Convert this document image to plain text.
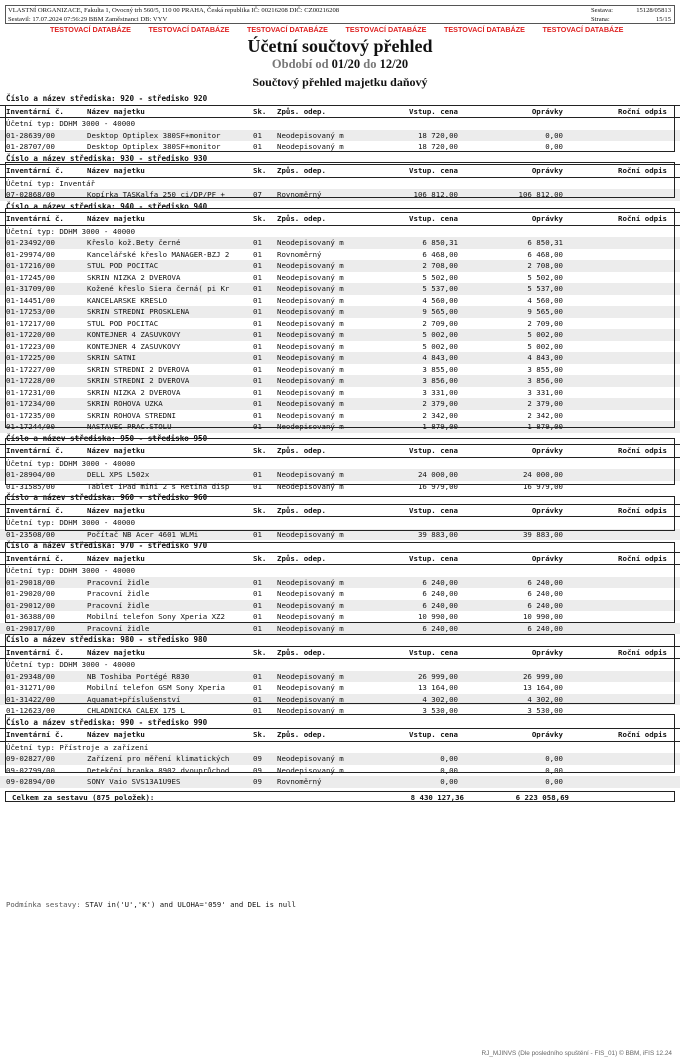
VLASTNÍ ORGANIZACE, Fakulta 1, Ovocný trh 560/5, 110 00 PRAHA, Česká republika IČ: 00216208 DIČ: CZ00216208
Sestavil: 17.07.2024 07:56:29 BBM Zaměstnanci DB: VYV
Sestava:
Strana:
15128/05813
15/15
TESTOVACÍ DATABÁZE TESTOVACÍ DATABÁZE TESTOVACÍ DATABÁZE TESTOVACÍ DATABÁZE TESTOVACÍ DATABÁZE TESTOVACÍ DATABÁZE
Účetní součtový přehled
Období od 01/20 do 12/20
Součtový přehled majetku daňový
Číslo a název střediska: 920 - středisko 920
Inventární č.	Název majetku	Sk.	Způs. odep.	Vstup. cena	Oprávky	Roční odpis
Účetní typ: DDHM 3000 - 40000
01-28639/00	Desktop Optiplex 380SF+monitor	01	Neodepisovaný m	18 720,00	0,00
01-28707/00	Desktop Optiplex 380SF+monitor	01	Neodepisovaný m	18 720,00	0,00
Číslo a název střediska: 930 - středisko 930
Inventární č.	Název majetku	Sk.	Způs. odep.	Vstup. cena	Oprávky	Roční odpis
Účetní typ: Inventář
07-02868/00	Kopírka TASKalfa 250 ci/DP/PF +	07	Rovnoměrný	106 812,00	106 812,00
Číslo a název střediska: 940 - středisko 940
Inventární č.	Název majetku	Sk.	Způs. odep.	Vstup. cena	Oprávky	Roční odpis
Účetní typ: DDHM 3000 - 40000
01-23492/00	Křeslo kož.Bety černé	01	Neodepisovaný m	6 850,31	6 850,31
01-29974/00	Kancelářské křeslo MANAGER-BZJ 2	01	Rovnoměrný	6 468,00	6 468,00
01-17216/00	STUL POD POCITAC	01	Neodepisovaný m	2 708,00	2 708,00
01-17245/00	SKRIN NIZKA 2 DVEROVA	01	Neodepisovaný m	5 502,00	5 502,00
01-31709/00	Kožené křeslo Siera černá( pi Kr	01	Neodepisovaný m	5 537,00	5 537,00
01-14451/00	KANCELARSKE KRESLO	01	Neodepisovaný m	4 560,00	4 560,00
01-17253/00	SKRIN STREDNI PROSKLENA	01	Neodepisovaný m	9 565,00	9 565,00
01-17217/00	STUL POD POCITAC	01	Neodepisovaný m	2 709,00	2 709,00
01-17220/00	KONTEJNER 4 ZASUVKOVY	01	Neodepisovaný m	5 002,00	5 002,00
01-17223/00	KONTEJNER 4 ZASUVKOVY	01	Neodepisovaný m	5 002,00	5 002,00
01-17225/00	SKRIN SATNI	01	Neodepisovaný m	4 843,00	4 843,00
01-17227/00	SKRIN STREDNI 2 DVEROVA	01	Neodepisovaný m	3 855,00	3 855,00
01-17228/00	SKRIN STREDNI 2 DVEROVA	01	Neodepisovaný m	3 856,00	3 856,00
01-17231/00	SKRIN NIZKA 2 DVEROVA	01	Neodepisovaný m	3 331,00	3 331,00
01-17234/00	SKRIN ROHOVA UZKA	01	Neodepisovaný m	2 379,00	2 379,00
01-17235/00	SKRIN ROHOVA STREDNI	01	Neodepisovaný m	2 342,00	2 342,00
01-17244/00	NASTAVEC PRAC.STOLU	01	Neodepisovaný m	1 879,00	1 879,00
Číslo a název střediska: 950 - středisko 950
Inventární č.	Název majetku	Sk.	Způs. odep.	Vstup. cena	Oprávky	Roční odpis
Účetní typ: DDHM 3000 - 40000
01-28904/00	DELL XPS L502x	01	Neodepisovaný m	24 000,00	24 000,00
01-31585/00	Tablet iPad mini 2 s Retina disp	01	Neodepisovaný m	16 979,00	16 979,00
Číslo a název střediska: 960 - středisko 960
Inventární č.	Název majetku	Sk.	Způs. odep.	Vstup. cena	Oprávky	Roční odpis
Účetní typ: DDHM 3000 - 40000
01-23508/00	Počítač NB Acer 4601 WLMi	01	Neodepisovaný m	39 883,00	39 883,00
Číslo a název střediska: 970 - středisko 970
Inventární č.	Název majetku	Sk.	Způs. odep.	Vstup. cena	Oprávky	Roční odpis
Účetní typ: DDHM 3000 - 40000
01-29018/00	Pracovní židle	01	Neodepisovaný m	6 240,00	6 240,00
01-29020/00	Pracovní židle	01	Neodepisovaný m	6 240,00	6 240,00
01-29012/00	Pracovní židle	01	Neodepisovaný m	6 240,00	6 240,00
01-36388/00	Mobilní telefon Sony Xperia XZ2	01	Neodepisovaný m	10 990,00	10 990,00
01-29017/00	Pracovní židle	01	Neodepisovaný m	6 240,00	6 240,00
Číslo a název střediska: 980 - středisko 980
Inventární č.	Název majetku	Sk.	Způs. odep.	Vstup. cena	Oprávky	Roční odpis
Účetní typ: DDHM 3000 - 40000
01-29348/00	NB Toshiba Portégé R830	01	Neodepisovaný m	26 999,00	26 999,00
01-31271/00	Mobilní telefon GSM Sony Xperia	01	Neodepisovaný m	13 164,00	13 164,00
01-31422/00	Aquamat+příslušenství	01	Neodepisovaný m	4 302,00	4 302,00
01-12623/00	CHLADNICKA CALEX 175 L	01	Neodepisovaný m	3 530,00	3 530,00
Číslo a název střediska: 990 - středisko 990
Inventární č.	Název majetku	Sk.	Způs. odep.	Vstup. cena	Oprávky	Roční odpis
Účetní typ: Přístroje a zařízení
09-02827/00	Zařízení pro měření klimatických	09	Neodepisovaný m	0,00	0,00
09-02799/00	Detekční branka 8902 dvouprůchod	09	Neodepisovaný m	0,00	0,00
09-02894/00	SONY Vaio SVS13A1U9ES	09	Rovnoměrný	0,00	0,00
Celkem za sestavu (875 položek):	8 430 127,36	6 223 058,69
Podmínka sestavy: STAV in('U','K') and ULOHA='059' and DEL is null
RJ_MJINVS (Dle posledního spuštění - FIS_01) © BBM, iFIS 12.24
